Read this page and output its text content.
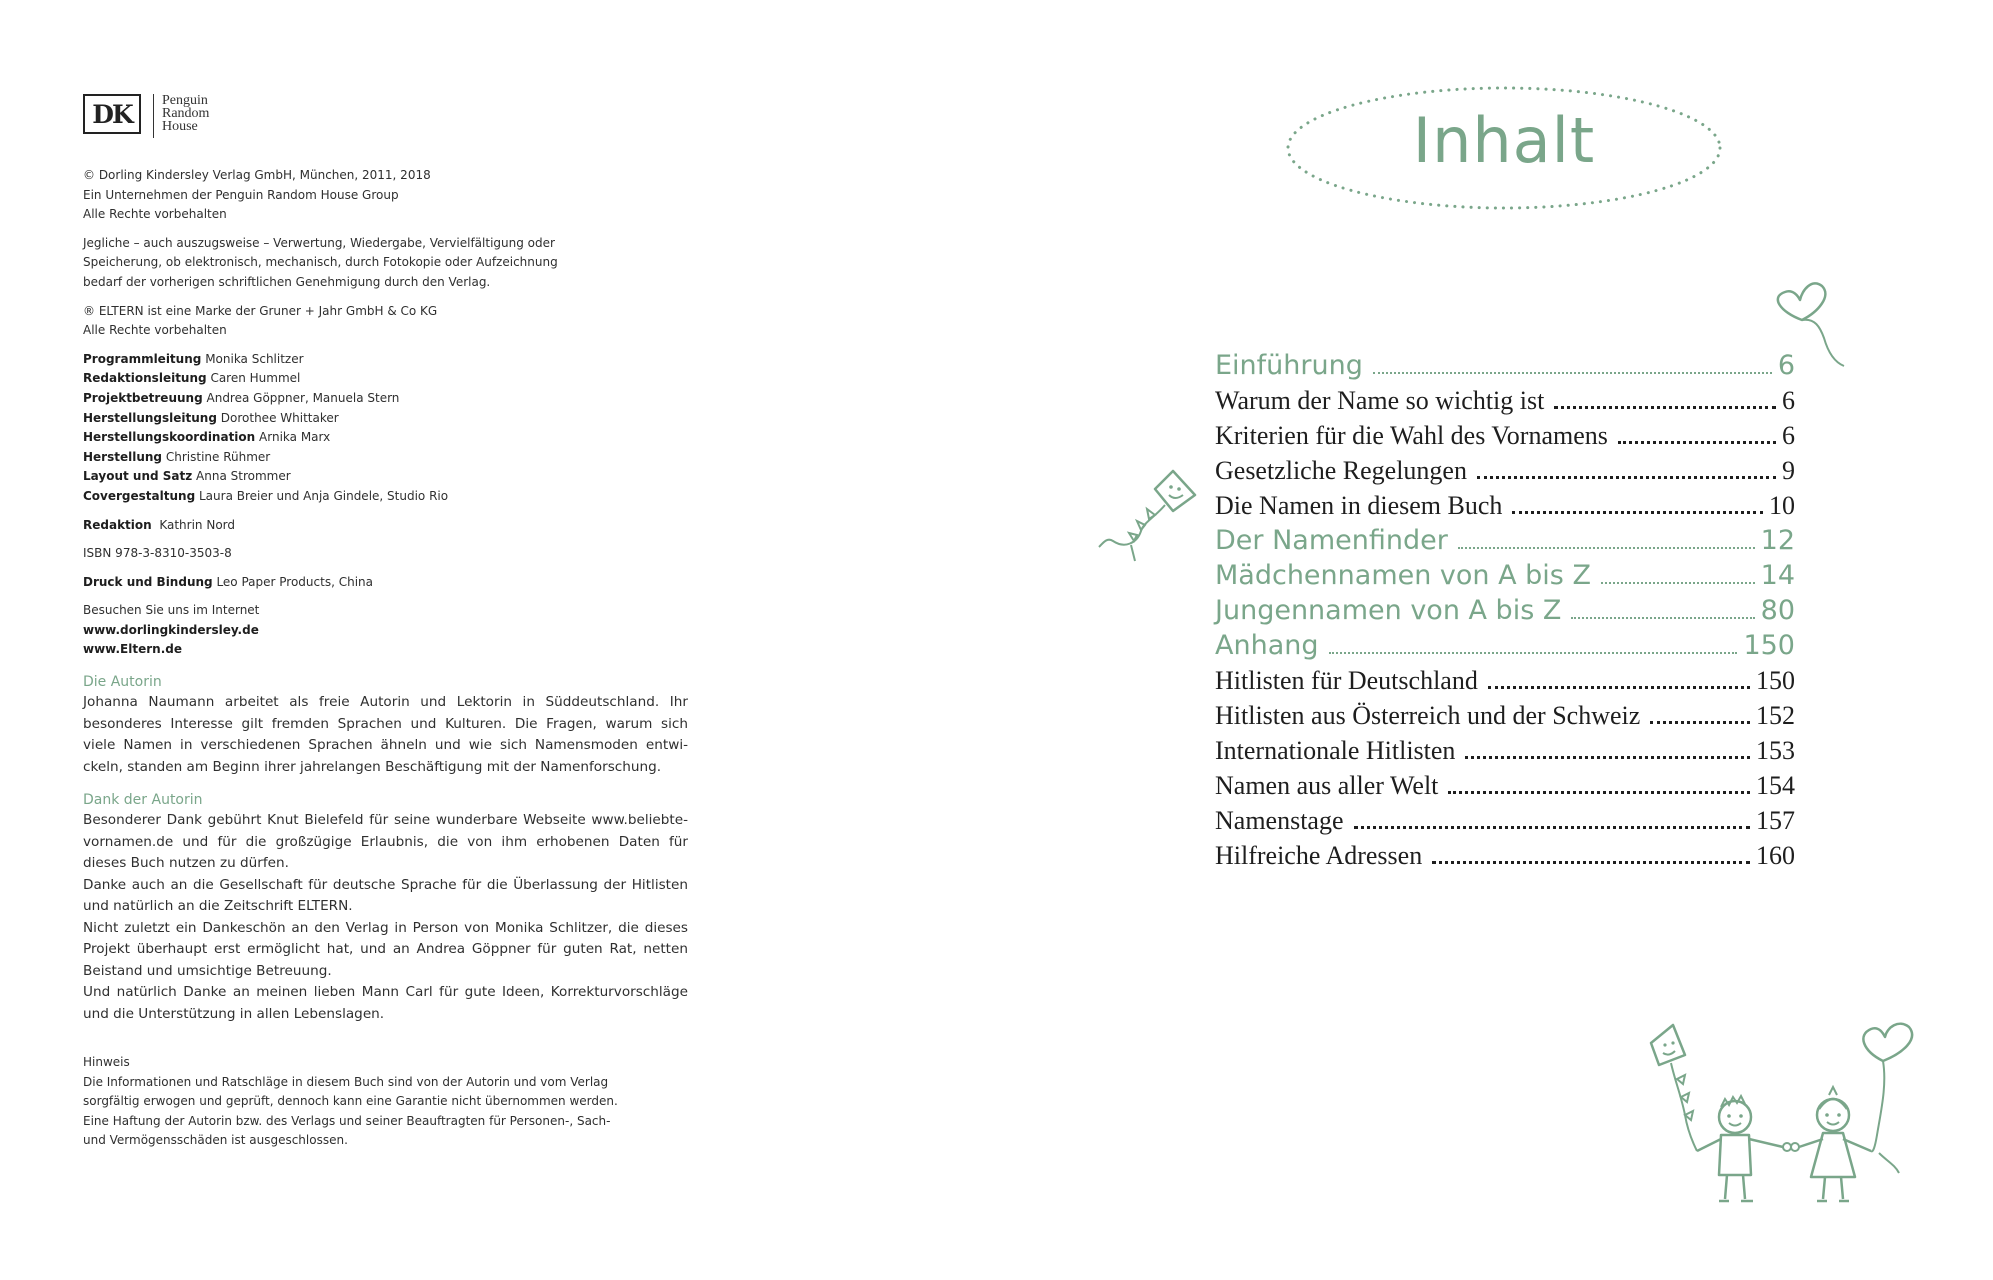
DK	Penguin
Random
House

© Dorling Kindersley Verlag GmbH, München, 2011, 2018
Ein Unternehmen der Penguin Random House Group
Alle Rechte vorbehalten

Jegliche – auch auszugsweise – Verwertung, Wiedergabe, Vervielfältigung oder
Speicherung, ob elektronisch, mechanisch, durch Fotokopie oder Aufzeichnung
bedarf der vorherigen schriftlichen Genehmigung durch den Verlag.

® ELTERN ist eine Marke der Gruner + Jahr GmbH & Co KG
Alle Rechte vorbehalten

Programmleitung Monika Schlitzer
Redaktionsleitung Caren Hummel
Projektbetreuung Andrea Göppner, Manuela Stern
Herstellungsleitung Dorothee Whittaker
Herstellungskoordination Arnika Marx
Herstellung Christine Rühmer
Layout und Satz Anna Strommer
Covergestaltung Laura Breier und Anja Gindele, Studio Rio

Redaktion Kathrin Nord

ISBN 978-3-8310-3503-8

Druck und Bindung Leo Paper Products, China

Besuchen Sie uns im Internet
www.dorlingkindersley.de
www.Eltern.de

Die Autorin

Johanna Naumann arbeitet als freie Autorin und Lektorin in Süddeutschland. Ihr
besonderes Interesse gilt fremden Sprachen und Kulturen. Die Fragen, warum sich
viele Namen in verschiedenen Sprachen ähneln und wie sich Namensmoden entwi-
ckeln, standen am Beginn ihrer jahrelangen Beschäftigung mit der Namenforschung.

Dank der Autorin

Besonderer Dank gebührt Knut Bielefeld für seine wunderbare Webseite www.beliebte-
vornamen.de und für die großzügige Erlaubnis, die von ihm erhobenen Daten für
dieses Buch nutzen zu dürfen.
Danke auch an die Gesellschaft für deutsche Sprache für die Überlassung der Hitlisten
und natürlich an die Zeitschrift ELTERN.
Nicht zuletzt ein Dankeschön an den Verlag in Person von Monika Schlitzer, die dieses
Projekt überhaupt erst ermöglicht hat, und an Andrea Göppner für guten Rat, netten
Beistand und umsichtige Betreuung.
Und natürlich Danke an meinen lieben Mann Carl für gute Ideen, Korrekturvorschläge
und die Unterstützung in allen Lebenslagen.

Hinweis
Die Informationen und Ratschläge in diesem Buch sind von der Autorin und vom Verlag
sorgfältig erwogen und geprüft, dennoch kann eine Garantie nicht übernommen werden.
Eine Haftung der Autorin bzw. des Verlags und seiner Beauftragten für Personen-, Sach-
und Vermögensschäden ist ausgeschlossen.
Inhalt
Einführung	6
Warum der Name so wichtig ist	6
Kriterien für die Wahl des Vornamens	6
Gesetzliche Regelungen	9
Die Namen in diesem Buch	10
Der Namenfinder	12
Mädchennamen von A bis Z	14
Jungennamen von A bis Z	80
Anhang	150
Hitlisten für Deutschland	150
Hitlisten aus Österreich und der Schweiz	152
Internationale Hitlisten	153
Namen aus aller Welt	154
Namenstage	157
Hilfreiche Adressen	160
